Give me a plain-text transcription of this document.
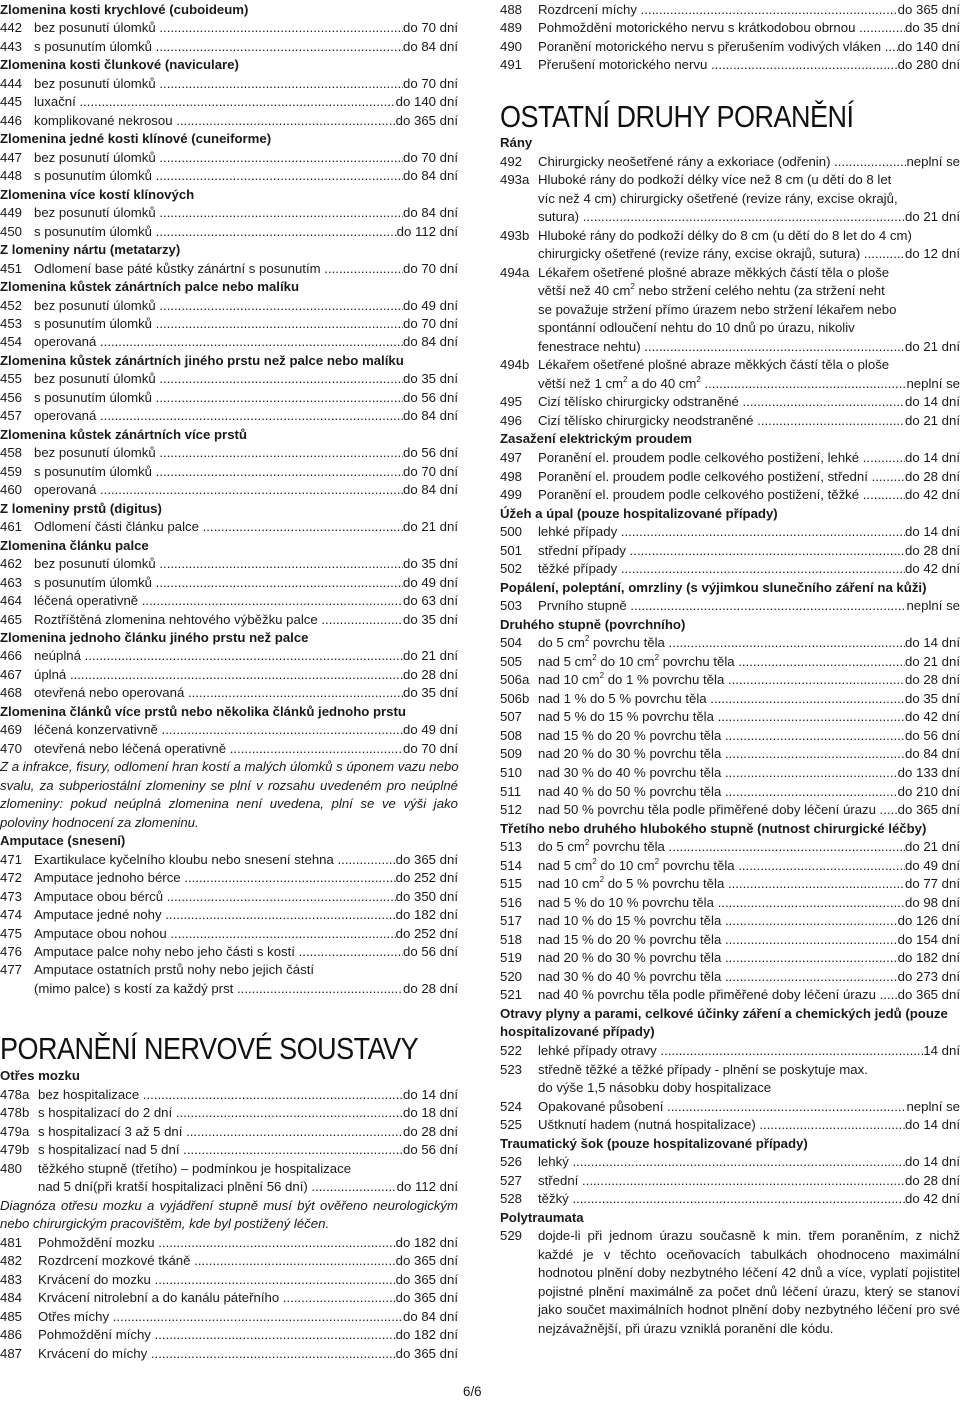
Zlomenina kosti krychlové (cuboideum)
442 bez posunutí úlomků .....	do 70 dní
443 s posunutím úlomků .....	do 84 dní
Zlomenina kosti člunkové (naviculare)
444 bez posunutí úlomků .....	do 70 dní
445 luxační .....	do 140 dní
446 komplikované nekrosou .....	do 365 dní
Zlomenina jedné kosti klínové (cuneiforme)
447 bez posunutí úlomků .....	do 70 dní
448 s posunutím úlomků .....	do 84 dní
Zlomenina více kostí klínových
449 bez posunutí úlomků .....	do 84 dní
450 s posunutím úlomků .....	do 112 dní
Z lomeniny nártu (metatarzy)
451 Odlomení base páté kůstky zánártní s posunutím .....	do 70 dní
Zlomenina kůstek zánártních palce nebo malíku
452 bez posunutí úlomků .....	do 49 dní
453 s posunutím úlomků .....	do 70 dní
454 operovaná .....	do 84 dní
Zlomenina kůstek zánártních jiného prstu než palce nebo malíku
455 bez posunutí úlomků .....	do 35 dní
456 s posunutím úlomků .....	do 56 dní
457 operovaná .....	do 84 dní
Zlomenina kůstek zánártních více prstů
458 bez posunutí úlomků .....	do 56 dní
459 s posunutím úlomků .....	do 70 dní
460 operovaná .....	do 84 dní
Z lomeniny prstů (digitus)
461 Odlomení části článku palce .....	do 21 dní
Zlomenina článku palce
462 bez posunutí úlomků .....	do 35 dní
463 s posunutím úlomků .....	do 49 dní
464 léčená operativně .....	do 63 dní
465 Roztříštěná zlomenina nehtového výběžku palce .....	do 35 dní
Zlomenina jednoho článku jiného prstu než palce
466 neúplná .....	do 21 dní
467 úplná .....	do 28 dní
468 otevřená nebo operovaná .....	do 35 dní
Zlomenina článků více prstů nebo několika článků jednoho prstu
469 léčená konzervativně .....	do 49 dní
470 otevřená nebo léčená operativně .....	do 70 dní
Z a infrakce, fisury, odlomení hran kostí a malých úlomků s úponem vazu nebo
svalu, za subperiostální zlomeniny se plní v rozsahu uvedeném pro neúplné
zlomeniny: pokud neúplná zlomenina není uvedena, plní se ve výši jako
poloviny hodnocení za zlomeninu.
Amputace (snesení)
471 Exartikulace kyčelního kloubu nebo snesení stehna .....	do 365 dní
472 Amputace jednoho bérce .....	do 252 dní
473 Amputace obou bérců .....	do 350 dní
474 Amputace jedné nohy .....	do 182 dní
475 Amputace obou nohou .....	do 252 dní
476 Amputace palce nohy nebo jeho části s kostí .....	do 56 dní
477 Amputace ostatních prstů nohy nebo jejich částí
(mimo palce) s kostí za každý prst .....	do 28 dní
PORANĚNÍ NERVOVÉ SOUSTAVY
Otřes mozku
478a bez hospitalizace .....	do 14 dní
478b s hospitalizací do 2 dní .....	do 18 dní
479a s hospitalizací 3 až 5 dní .....	do 28 dní
479b s hospitalizací nad 5 dní .....	do 56 dní
480	těžkého stupně (třetího) – podmínkou je hospitalizace
nad 5 dní(při kratší hospitalizaci plnění 56 dní) .....	do 112 dní
Diagnóza otřesu mozku a vyjádření stupně musí být ověřeno neurologickým
nebo chirurgickým pracovištěm, kde byl postižený léčen.
481	Pohmoždění mozku .....	do 182 dní
482	Rozdrcení mozkové tkáně .....	do 365 dní
483	Krvácení do mozku .....	do 365 dní
484	Krvácení nitrolební a do kanálu páteřního .....	do 365 dní
485	Otřes míchy .....	do 84 dní
486	Pohmoždění míchy .....	do 182 dní
487	Krvácení do míchy .....	do 365 dní
488	Rozdrcení míchy .....	do 365 dní
489	Pohmoždění motorického nervu s krátkodobou obrnou .....	do 35 dní
490	Poranění motorického nervu s přerušením vodivých vláken .....	do 140 dní
491	Přerušení motorického nervu .....	do 280 dní
OSTATNÍ DRUHY PORANĚNÍ
Rány
492	Chirurgicky neošetřené rány a exkoriace (odřenin) .....	neplní se
493a Hluboké rány do podkoží délky více než 8 cm (u dětí do 8 let
víc než 4 cm) chirurgicky ošetřené (revize rány, excise okrajů,
sutura) .....	do 21 dní
493b Hluboké rány do podkoží délky do 8 cm (u dětí do 8 let do 4 cm)
chirurgicky ošetřené (revize rány, excise okrajů, sutura) .....	do 12 dní
494a Lékařem ošetřené plošné abraze měkkých částí těla o ploše
větší než 40 $cm^2$ nebo stržení celého nehtu (za stržení neht
se považuje stržení přímo úrazem nebo stržení lékařem nebo
spontánní odloučení nehtu do 10 dnů po úrazu, nikoliv
fenestrace nehtu) .....	do 21 dní
494b Lékařem ošetřené plošné abraze měkkých částí těla o ploše
větší než 1 $cm^2$ a do 40 $cm^2$ .....	neplní se
495	Cizí tělísko chirurgicky odstraněné .....	do 14 dní
496	Cizí tělísko chirurgicky neodstraněné .....	do 21 dní
Zasažení elektrickým proudem
497	Poranění el. proudem podle celkového postižení, lehké .....	do 14 dní
498	Poranění el. proudem podle celkového postižení, střední .....	do 28 dní
499	Poranění el. proudem podle celkového postižení, těžké .....	do 42 dní
Úžeh a úpal (pouze hospitalizované případy)
500	lehké případy .....	do 14 dní
501	střední případy .....	do 28 dní
502	těžké případy .....	do 42 dní
Popálení, poleptání, omrzliny (s výjimkou slunečního záření na kůži)
503	Prvního stupně .....	neplní se
Druhého stupně (povrchního)
504	do 5 $cm^2$ povrchu těla .....	do 14 dní
505	nad 5 $cm^2$ do 10 $cm^2$ povrchu těla .....	do 21 dní
506a nad 10 $cm^2$ do 1 % povrchu těla .....	do 28 dní
506b nad 1 % do 5 % povrchu těla .....	do 35 dní
507	nad 5 % do 15 % povrchu těla .....	do 42 dní
508	nad 15 % do 20 % povrchu těla .....	do 56 dní
509	nad 20 % do 30 % povrchu těla .....	do 84 dní
510	nad 30 % do 40 % povrchu těla .....	do 133 dní
511	nad 40 % do 50 % povrchu těla .....	do 210 dní
512	nad 50 % povrchu těla podle přiměřené doby léčení úrazu .....	do 365 dní
Třetího nebo druhého hlubokého stupně (nutnost chirurgické léčby)
513	do 5 $cm^2$ povrchu těla .....	do 21 dní
514	nad 5 $cm^2$ do 10 $cm^2$ povrchu těla .....	do 49 dní
515	nad 10 $cm^2$ do 5 % povrchu těla .....	do 77 dní
516	nad 5 % do 10 % povrchu těla .....	do 98 dní
517	nad 10 % do 15 % povrchu těla .....	do 126 dní
518	nad 15 % do 20 % povrchu těla .....	do 154 dní
519	nad 20 % do 30 % povrchu těla .....	do 182 dní
520	nad 30 % do 40 % povrchu těla .....	do 273 dní
521	nad 40 % povrchu těla podle přiměřené doby léčení úrazu .....	do 365 dní
Otravy plyny a parami, celkové účinky záření a chemických jedů (pouze
hospitalizované případy)
522	lehké případy otravy .....	14 dní
523	středně těžké a těžké případy - plnění se poskytuje max.
do výše 1,5 násobku doby hospitalizace
524	Opakované působení .....	neplní se
525	Uštknutí hadem (nutná hospitalizace) .....	do 14 dní
Traumatický šok (pouze hospitalizované případy)
526	lehký .....	do 14 dní
527	střední .....	do 28 dní
528	těžký .....	do 42 dní
Polytraumata
529	dojde-li při jednom úrazu současně k min. třem poraněním, z nichž
každé je v těchto oceňovacích tabulkách ohodnoceno maximální
hodnotou plnění doby nezbytného léčení 42 dnů a více, vyplatí pojistitel
pojistné plnění maximálně za počet dnů léčení úrazu, který se stanoví
jako součet maximálních hodnot plnění doby nezbytného léčení pro své
nejzávažnější, při úrazu vzniklá poranění dle kódu.
6/6
